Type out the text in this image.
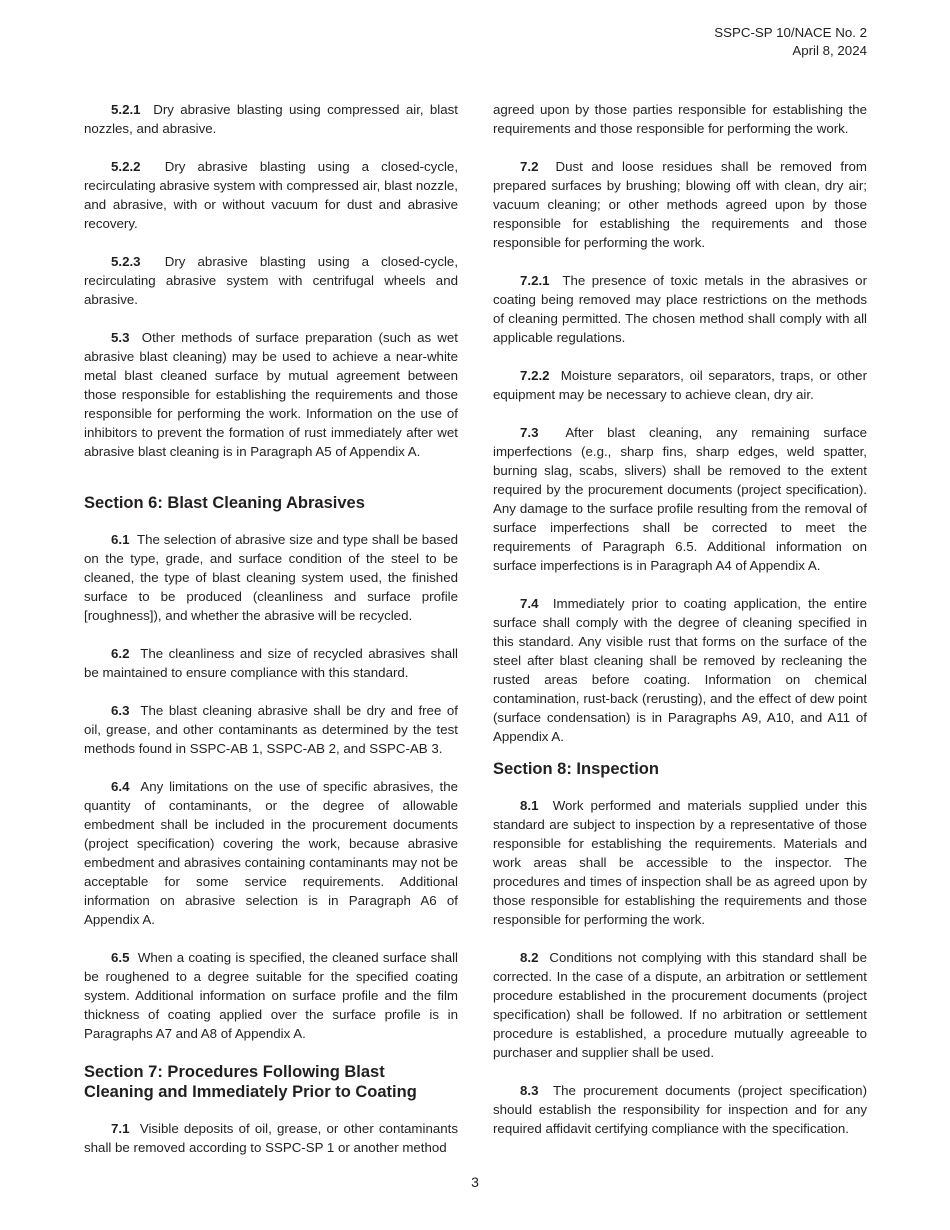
SSPC-SP 10/NACE No. 2
April 8, 2024

5.2.1 Dry abrasive blasting using compressed air, blast nozzles, and abrasive.

5.2.2 Dry abrasive blasting using a closed-cycle, recirculating abrasive system with compressed air, blast nozzle, and abrasive, with or without vacuum for dust and abrasive recovery.

5.2.3 Dry abrasive blasting using a closed-cycle, recirculating abrasive system with centrifugal wheels and abrasive.

5.3 Other methods of surface preparation (such as wet abrasive blast cleaning) may be used to achieve a near-white metal blast cleaned surface by mutual agreement between those responsible for establishing the requirements and those responsible for performing the work. Information on the use of inhibitors to prevent the formation of rust immediately after wet abrasive blast cleaning is in Paragraph A5 of Appendix A.

Section 6: Blast Cleaning Abrasives

6.1 The selection of abrasive size and type shall be based on the type, grade, and surface condition of the steel to be cleaned, the type of blast cleaning system used, the finished surface to be produced (cleanliness and surface profile [roughness]), and whether the abrasive will be recycled.

6.2 The cleanliness and size of recycled abrasives shall be maintained to ensure compliance with this standard.

6.3 The blast cleaning abrasive shall be dry and free of oil, grease, and other contaminants as determined by the test methods found in SSPC-AB 1, SSPC-AB 2, and SSPC-AB 3.

6.4 Any limitations on the use of specific abrasives, the quantity of contaminants, or the degree of allowable embedment shall be included in the procurement documents (project specification) covering the work, because abrasive embedment and abrasives containing contaminants may not be acceptable for some service requirements. Additional information on abrasive selection is in Paragraph A6 of Appendix A.

6.5 When a coating is specified, the cleaned surface shall be roughened to a degree suitable for the specified coating system. Additional information on surface profile and the film thickness of coating applied over the surface profile is in Paragraphs A7 and A8 of Appendix A.

Section 7: Procedures Following Blast Cleaning and Immediately Prior to Coating

7.1 Visible deposits of oil, grease, or other contaminants shall be removed according to SSPC-SP 1 or another method

agreed upon by those parties responsible for establishing the requirements and those responsible for performing the work.

7.2 Dust and loose residues shall be removed from prepared surfaces by brushing; blowing off with clean, dry air; vacuum cleaning; or other methods agreed upon by those responsible for establishing the requirements and those responsible for performing the work.

7.2.1 The presence of toxic metals in the abrasives or coating being removed may place restrictions on the methods of cleaning permitted. The chosen method shall comply with all applicable regulations.

7.2.2 Moisture separators, oil separators, traps, or other equipment may be necessary to achieve clean, dry air.

7.3 After blast cleaning, any remaining surface imperfections (e.g., sharp fins, sharp edges, weld spatter, burning slag, scabs, slivers) shall be removed to the extent required by the procurement documents (project specification). Any damage to the surface profile resulting from the removal of surface imperfections shall be corrected to meet the requirements of Paragraph 6.5. Additional information on surface imperfections is in Paragraph A4 of Appendix A.

7.4 Immediately prior to coating application, the entire surface shall comply with the degree of cleaning specified in this standard. Any visible rust that forms on the surface of the steel after blast cleaning shall be removed by recleaning the rusted areas before coating. Information on chemical contamination, rust-back (rerusting), and the effect of dew point (surface condensation) is in Paragraphs A9, A10, and A11 of Appendix A.

Section 8: Inspection

8.1 Work performed and materials supplied under this standard are subject to inspection by a representative of those responsible for establishing the requirements. Materials and work areas shall be accessible to the inspector. The procedures and times of inspection shall be as agreed upon by those responsible for establishing the requirements and those responsible for performing the work.

8.2 Conditions not complying with this standard shall be corrected. In the case of a dispute, an arbitration or settlement procedure established in the procurement documents (project specification) shall be followed. If no arbitration or settlement procedure is established, a procedure mutually agreeable to purchaser and supplier shall be used.

8.3 The procurement documents (project specification) should establish the responsibility for inspection and for any required affidavit certifying compliance with the specification.

3
